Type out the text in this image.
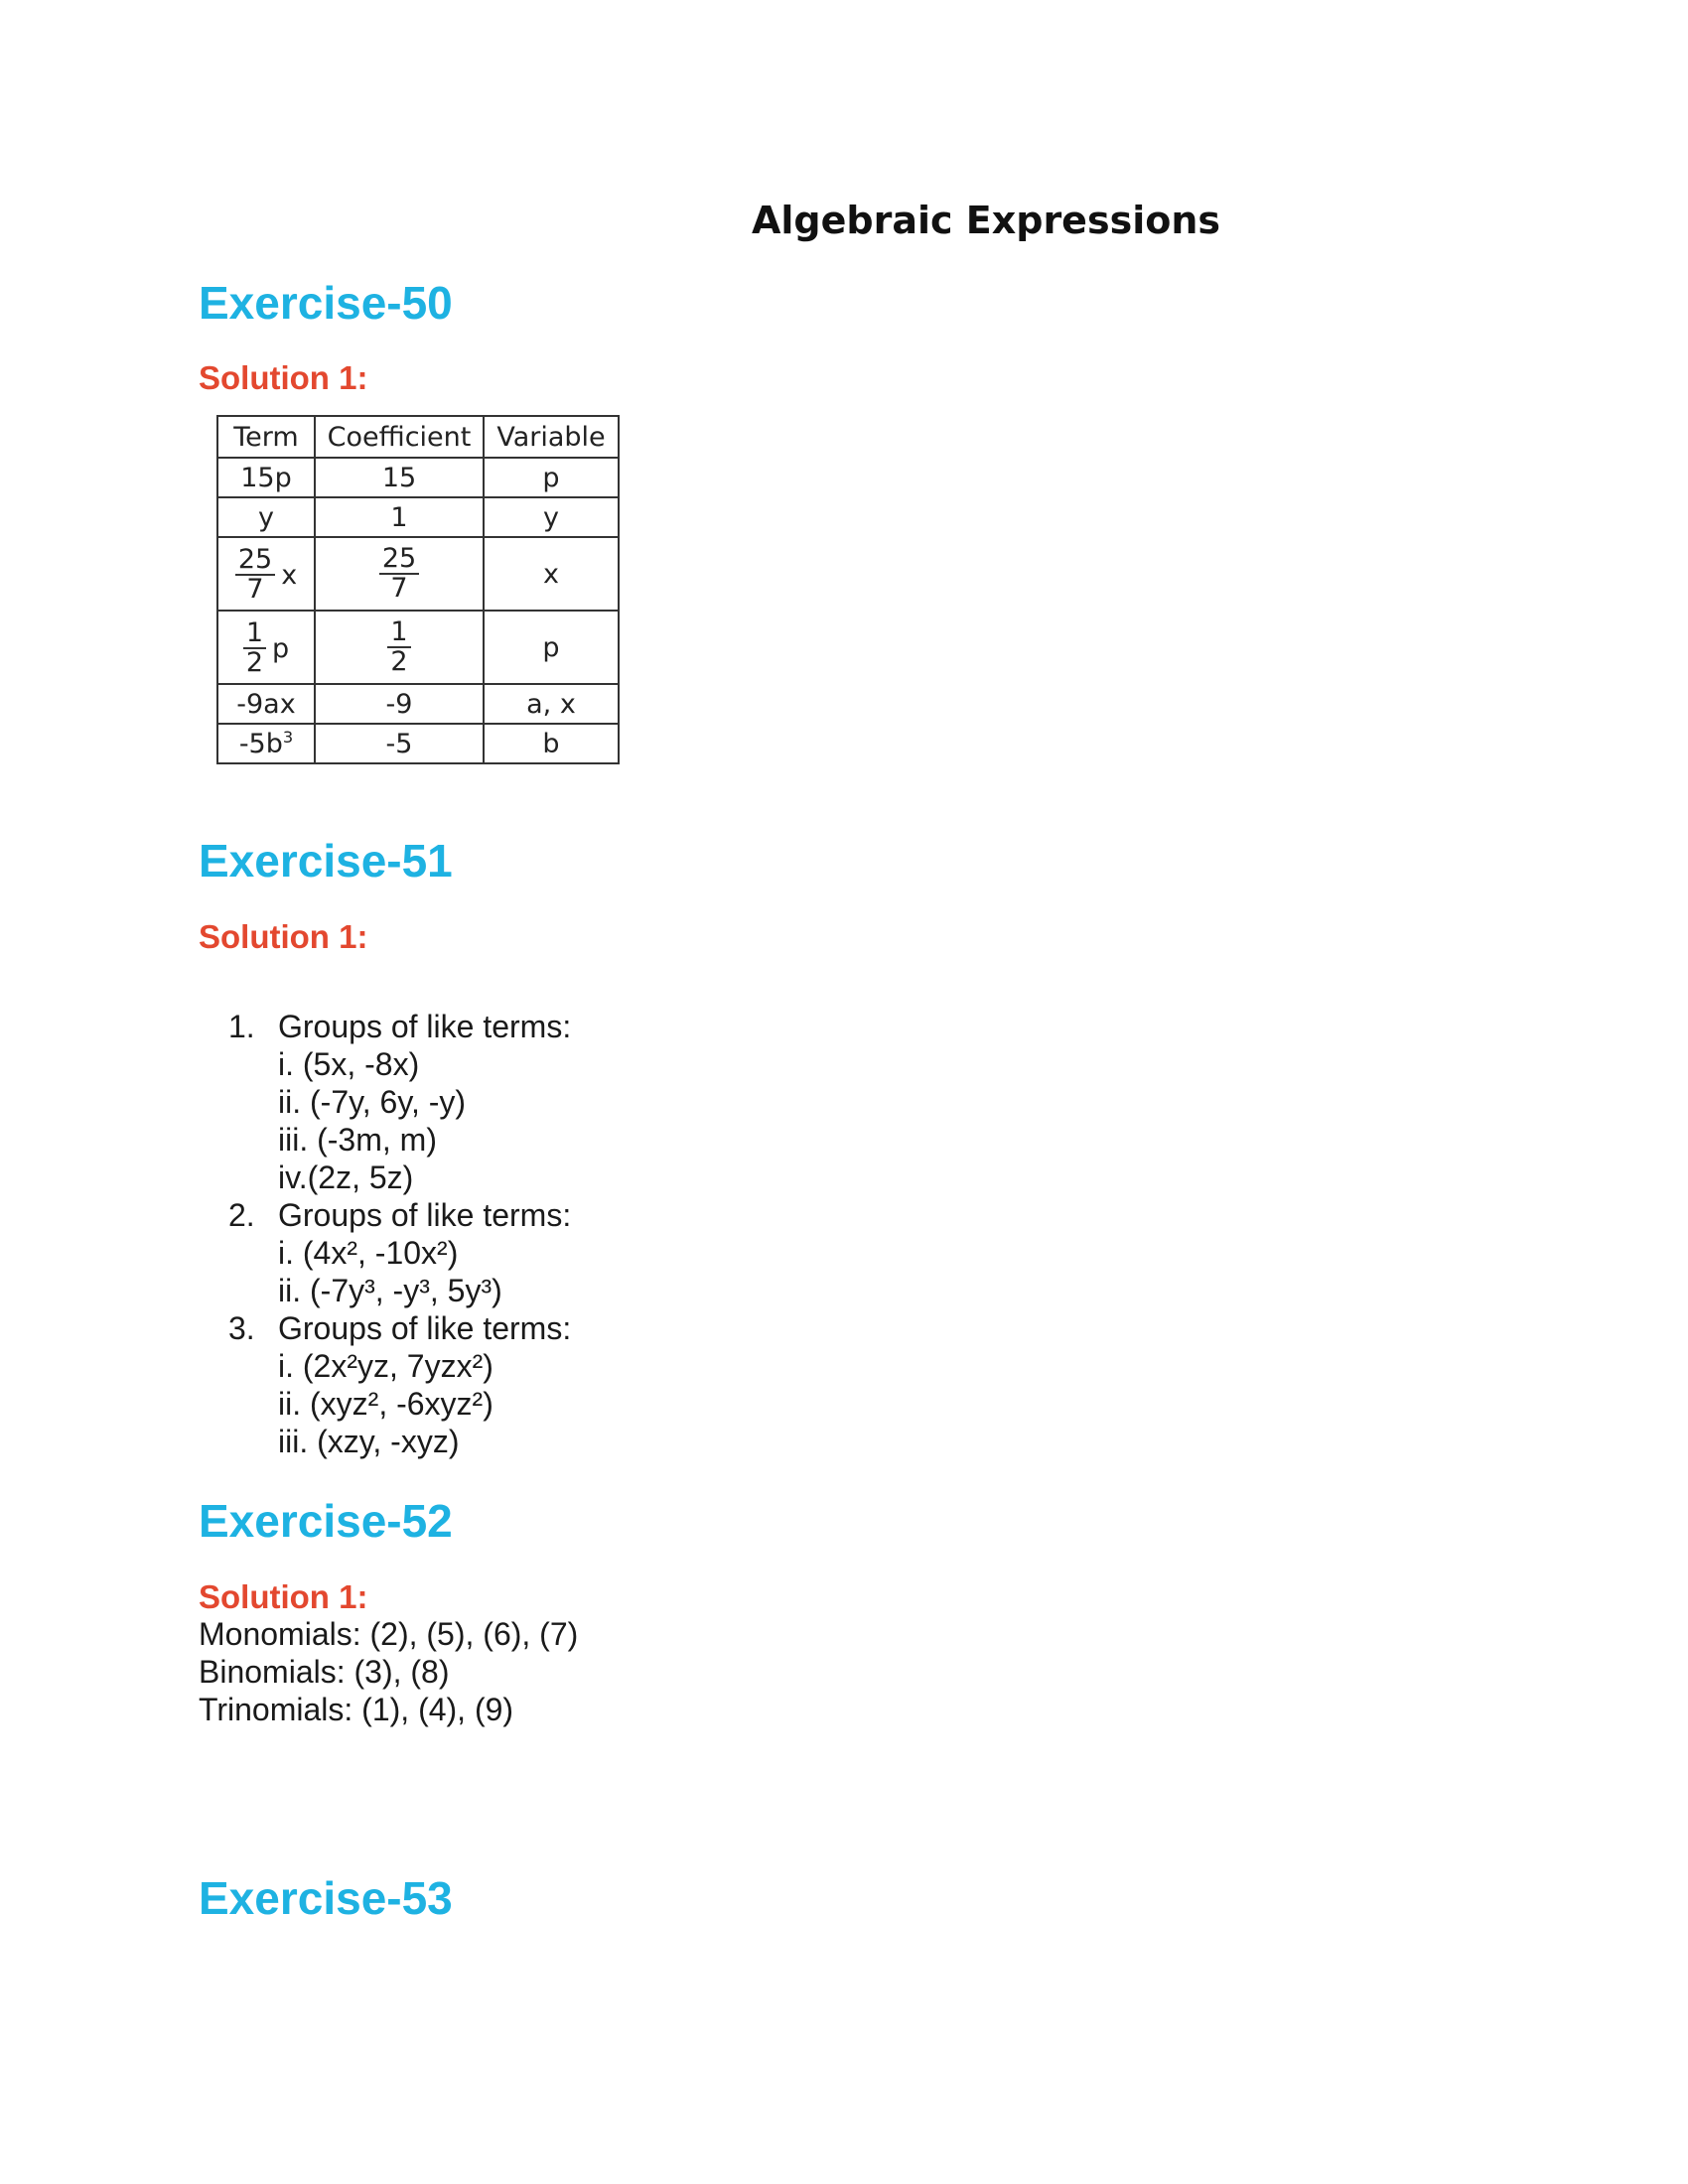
Algebraic Expressions
Exercise-50
Solution 1:
Term	Coefficient	Variable
15p	15	p
y	1	y

$\frac{25}{7}$ x	$\frac{25}{7}$	x

$\frac{1}{2}$ p	$\frac{1}{2}$	p
-9ax	-9	a, x
$-5b^3$	-5	b
Exercise-51
Solution 1:
1. Groups of like terms:
i. (5x, -8x)
ii. (-7y, 6y, -y)
iii. (-3m, m)
iv.(2z, 5z)
2. Groups of like terms:
i. (4x², -10x²)
ii. (-7y³, -y³, 5y³)
3. Groups of like terms:
i. (2x²yz, 7yzx²)
ii. (xyz², -6xyz²)
iii. (xzy, -xyz)
Exercise-52
Solution 1:

Monomials: (2), (5), (6), (7)

Binomials: (3), (8)

Trinomials: (1), (4), (9)

Exercise-53
